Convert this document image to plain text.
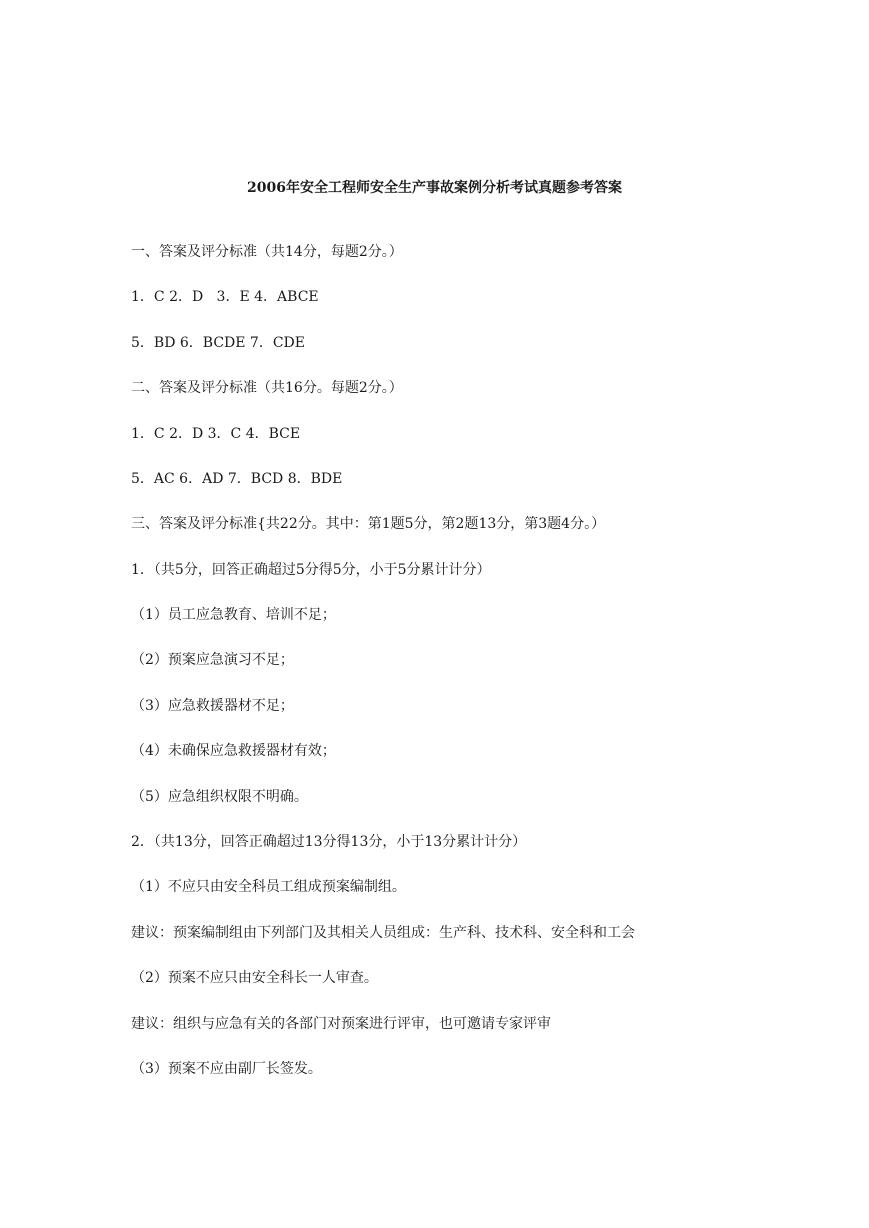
2006年安全工程师安全生产事故案例分析考试真题参考答案

一、答案及评分标准（共14分，每题2分。）

1．C 2．D   3．E 4．ABCE

5．BD 6．BCDE 7．CDE

二、答案及评分标准（共16分。每题2分。）

1．C 2．D 3．C 4．BCE

5．AC 6．AD 7．BCD 8．BDE

三、答案及评分标准{共22分。其中：第1题5分，第2题13分，第3题4分。）

1．（共5分，回答正确超过5分得5分，小于5分累计计分）

（1）员工应急教育、培训不足；

（2）预案应急演习不足；

（3）应急救援器材不足；

（4）未确保应急救援器材有效；

（5）应急组织权限不明确。

2．（共13分，回答正确超过13分得13分，小于13分累计计分）

（1）不应只由安全科员工组成预案编制组。

建议：预案编制组由下列部门及其相关人员组成：生产科、技术科、安全科和工会

（2）预案不应只由安全科长一人审查。

建议：组织与应急有关的各部门对预案进行评审，也可邀请专家评审

（3）预案不应由副厂长签发。
